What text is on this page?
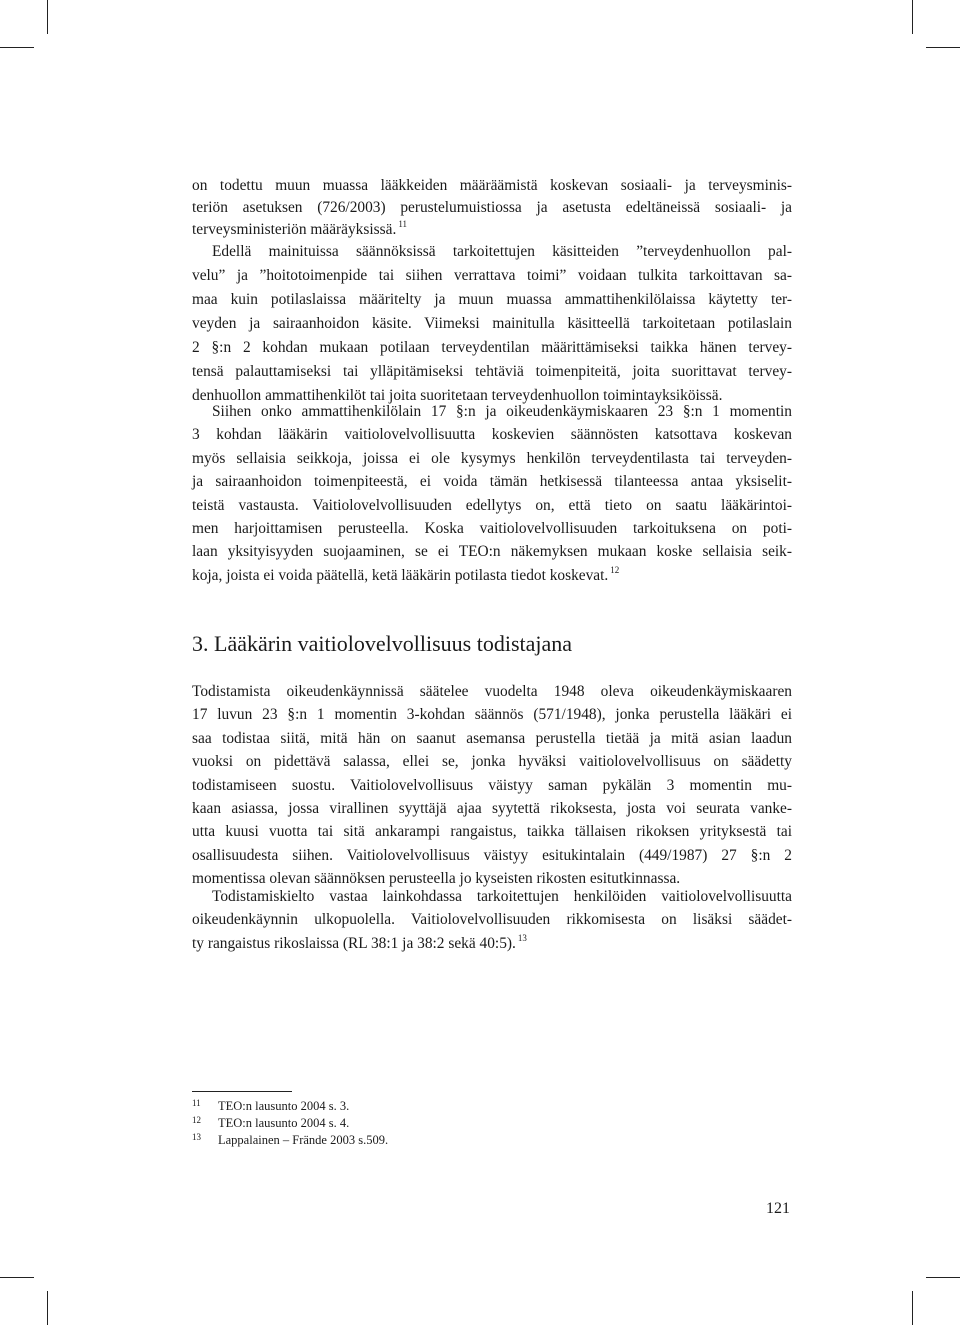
on todettu muun muassa lääkkeiden määräämistä koskevan sosiaali- ja terveysminis-
teriön asetuksen (726/2003) perustelumuistiossa ja asetusta edeltäneissä sosiaali- ja
terveysministeriön määräyksissä. $^{11}$
Edellä mainituissa säännöksissä tarkoitettujen käsitteiden ”terveydenhuollon pal-
velu” ja ”hoitotoimenpide tai siihen verrattava toimi” voidaan tulkita tarkoittavan sa-
maa kuin potilaslaissa määritelty ja muun muassa ammattihenkilölaissa käytetty ter-
veyden ja sairaanhoidon käsite. Viimeksi mainitulla käsitteellä tarkoitetaan potilaslain
2 §:n 2 kohdan mukaan potilaan terveydentilan määrittämiseksi taikka hänen tervey-
tensä palauttamiseksi tai ylläpitämiseksi tehtäviä toimenpiteitä, joita suorittavat tervey-
denhuollon ammattihenkilöt tai joita suoritetaan terveydenhuollon toimintayksiköissä.
Siihen onko ammattihenkilölain 17 §:n ja oikeudenkäymiskaaren 23 §:n 1 momentin
3 kohdan lääkärin vaitiolovelvollisuutta koskevien säännösten katsottava koskevan
myös sellaisia seikkoja, joissa ei ole kysymys henkilön terveydentilasta tai terveyden-
ja sairaanhoidon toimenpiteestä, ei voida tämän hetkisessä tilanteessa antaa yksiselit-
teistä vastausta. Vaitiolovelvollisuuden edellytys on, että tieto on saatu lääkärintoi-
men harjoittamisen perusteella. Koska vaitiolovelvollisuuden tarkoituksena on poti-
laan yksityisyyden suojaaminen, se ei TEO:n näkemyksen mukaan koske sellaisia seik-
koja, joista ei voida päätellä, ketä lääkärin potilasta tiedot koskevat. $^{12}$
3. Lääkärin vaitiolovelvollisuus todistajana
Todistamista oikeudenkäynnissä säätelee vuodelta 1948 oleva oikeudenkäymiskaaren
17 luvun 23 §:n 1 momentin 3-kohdan säännös (571/1948), jonka perustella lääkäri ei
saa todistaa siitä, mitä hän on saanut asemansa perustella tietää ja mitä asian laadun
vuoksi on pidettävä salassa, ellei se, jonka hyväksi vaitiolovelvollisuus on säädetty
todistamiseen suostu. Vaitiolovelvollisuus väistyy saman pykälän 3 momentin mu-
kaan asiassa, jossa virallinen syyttäjä ajaa syytettä rikoksesta, josta voi seurata vanke-
utta kuusi vuotta tai sitä ankarampi rangaistus, taikka tällaisen rikoksen yrityksestä tai
osallisuudesta siihen. Vaitiolovelvollisuus väistyy esitukintalain (449/1987) 27 §:n 2
momentissa olevan säännöksen perusteella jo kyseisten rikosten esitutkinnassa.
Todistamiskielto vastaa lainkohdassa tarkoitettujen henkilöiden vaitiolovelvollisuutta
oikeudenkäynnin ulkopuolella. Vaitiolovelvollisuuden rikkomisesta on lisäksi säädet-
ty rangaistus rikoslaissa (RL 38:1 ja 38:2 sekä 40:5). $^{13}$
11 TEO:n lausunto 2004 s. 3.
12 TEO:n lausunto 2004 s. 4.
13 Lappalainen – Frände 2003 s.509.
121
